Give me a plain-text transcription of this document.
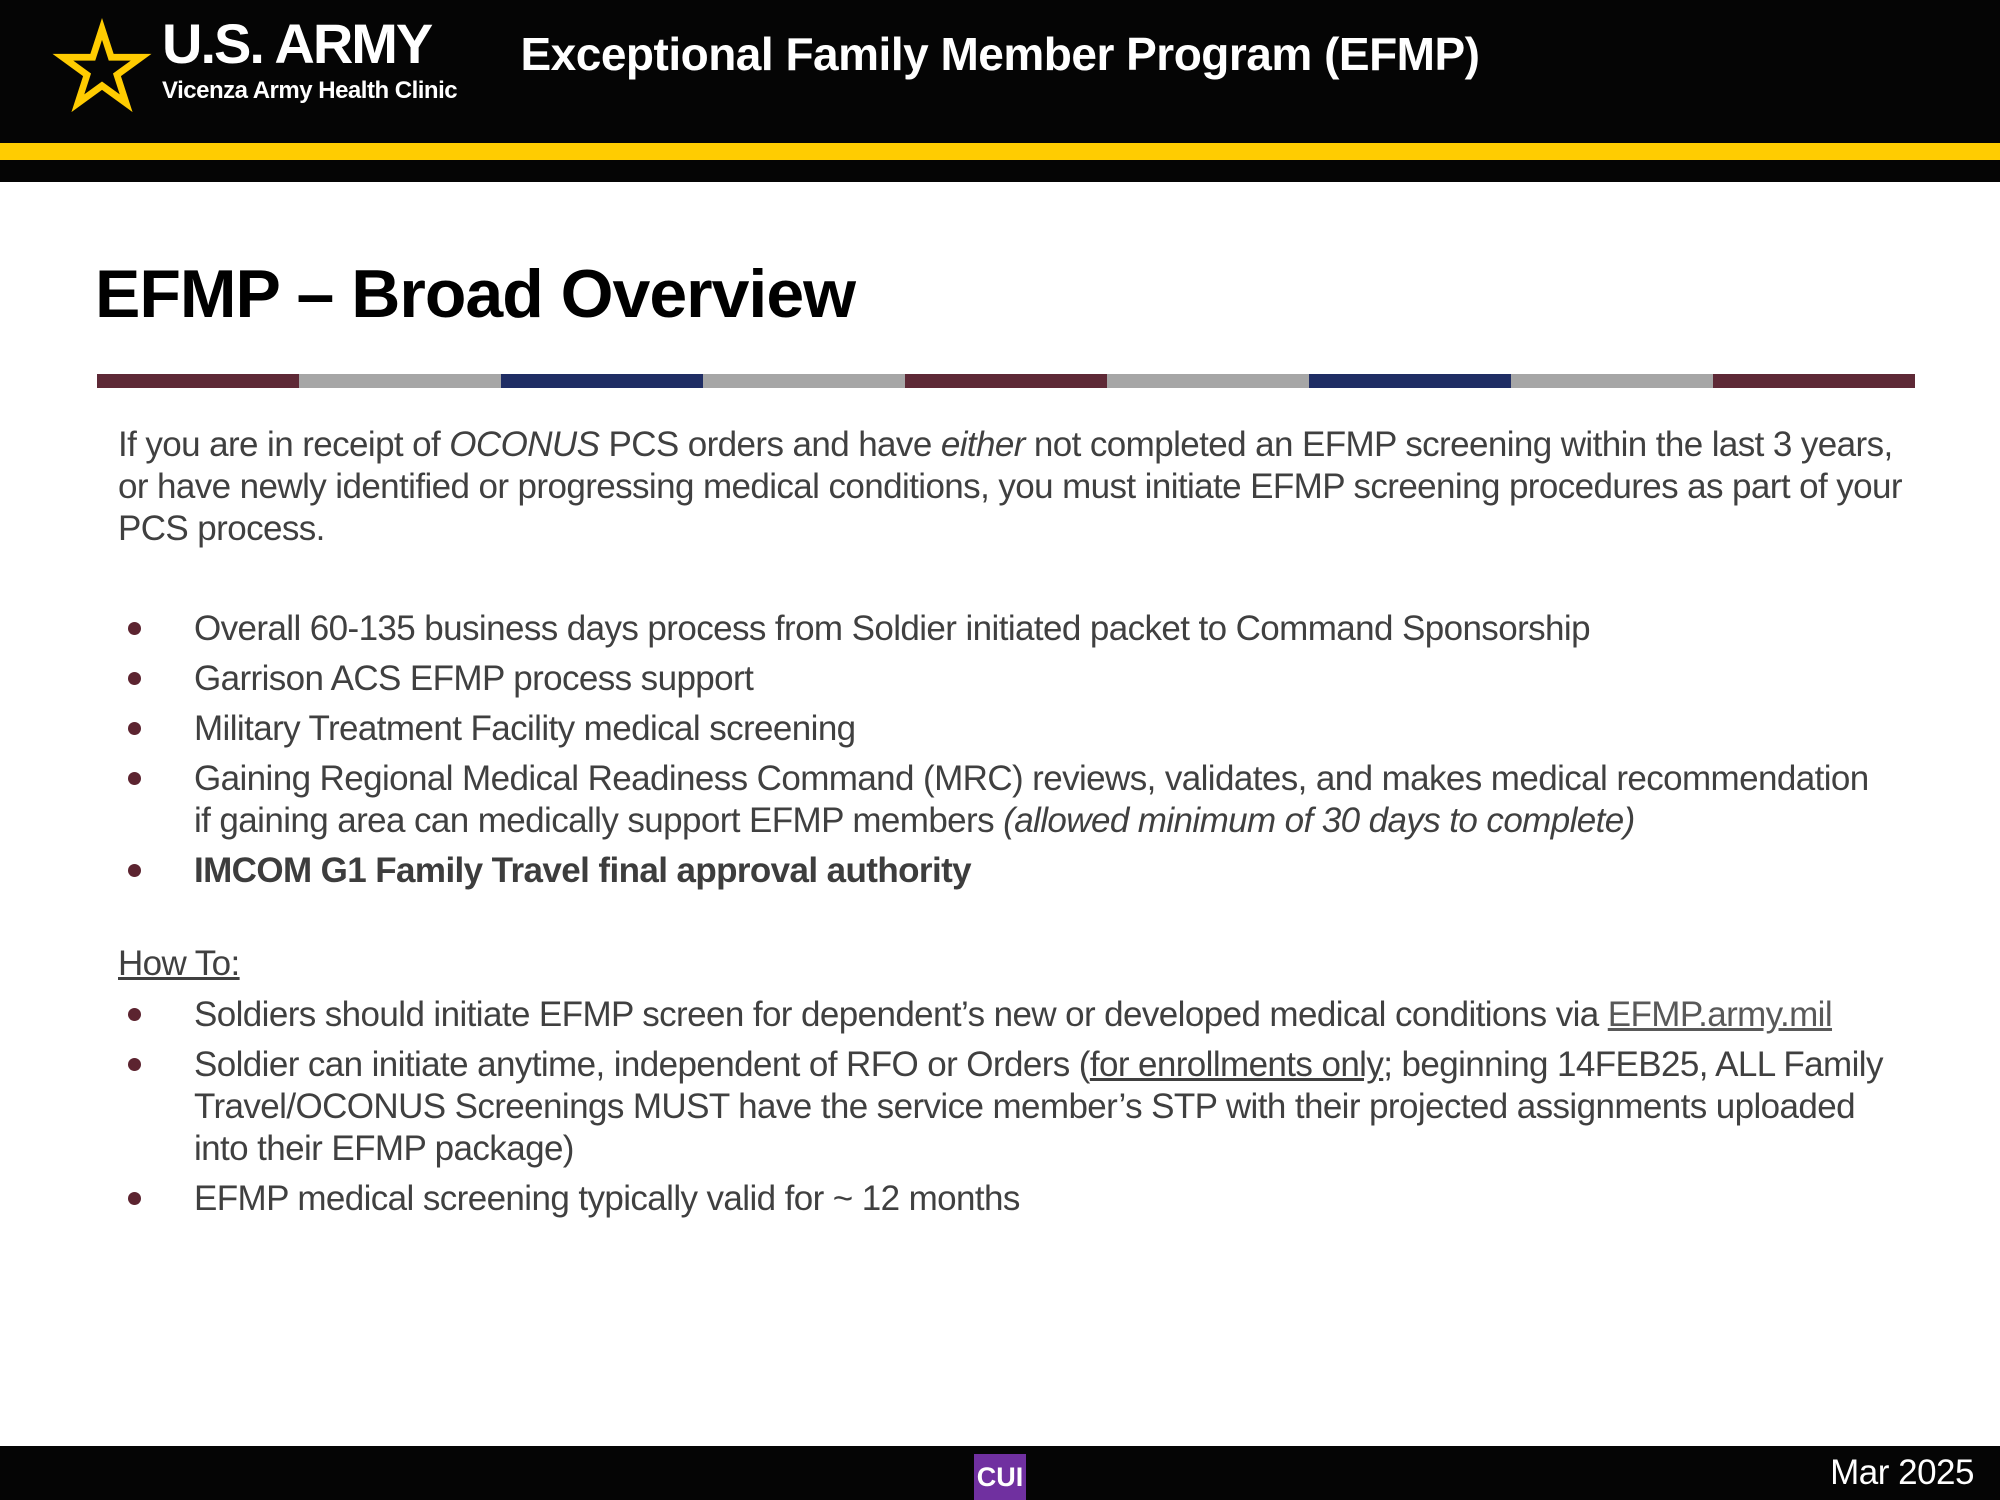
U.S. ARMY
Vicenza Army Health Clinic
Exceptional Family Member Program (EFMP)
EFMP – Broad Overview

If you are in receipt of OCONUS PCS orders and have either not completed an EFMP screening within the last 3 years, or have newly identified or progressing medical conditions, you must initiate EFMP screening procedures as part of your PCS process.

Overall 60-135 business days process from Soldier initiated packet to Command Sponsorship
Garrison ACS EFMP process support
Military Treatment Facility medical screening
Gaining Regional Medical Readiness Command (MRC) reviews, validates, and makes medical recommendation if gaining area can medically support EFMP members (allowed minimum of 30 days to complete)
IMCOM G1 Family Travel final approval authority
How To:
Soldiers should initiate EFMP screen for dependent’s new or developed medical conditions via EFMP.army.mil
Soldier can initiate anytime, independent of RFO or Orders (for enrollments only; beginning 14FEB25, ALL Family Travel/OCONUS Screenings MUST have the service member’s STP with their projected assignments uploaded into their EFMP package)
EFMP medical screening typically valid for ~ 12 months
CUI	Mar 2025
